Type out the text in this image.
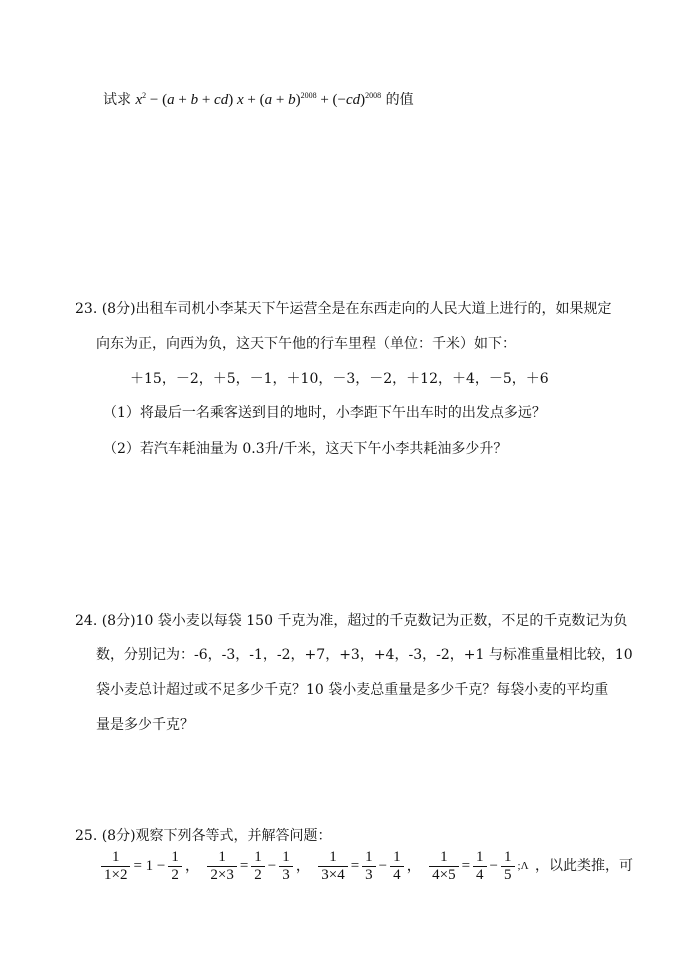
试求 $x^2 - (a + b + cd) x + (a + b)^{2008} + (-cd)^{2008}$ 的值
23. (8分)出租车司机小李某天下午运营全是在东西走向的人民大道上进行的，如果规定
向东为正，向西为负，这天下午他的行车里程（单位：千米）如下：
＋15，－2，＋5，－1，＋10，－3，－2，＋12，＋4，－5，＋6
（1）将最后一名乘客送到目的地时，小李距下午出车时的出发点多远？
（2）若汽车耗油量为 0.3升/千米，这天下午小李共耗油多少升？
24. (8分)10 袋小麦以每袋 150 千克为准，超过的千克数记为正数，不足的千克数记为负
数，分别记为：-6，-3，-1，-2，+7，+3，+4，-3，-2，+1 与标准重量相比较，10
袋小麦总计超过或不足多少千克？10 袋小麦总重量是多少千克？每袋小麦的平均重
量是多少千克？
25. (8分)观察下列各等式，并解答问题：
$\frac{1}{1\times 2} = 1 - \frac{1}{2}$ ， $\frac{1}{2\times 3} = \frac{1}{2} - \frac{1}{3}$ ， $\frac{1}{3\times 4} = \frac{1}{3} - \frac{1}{4}$ ， $\frac{1}{4\times 5} = \frac{1}{4} - \frac{1}{5}$ ;Λ ，以此类推，可
